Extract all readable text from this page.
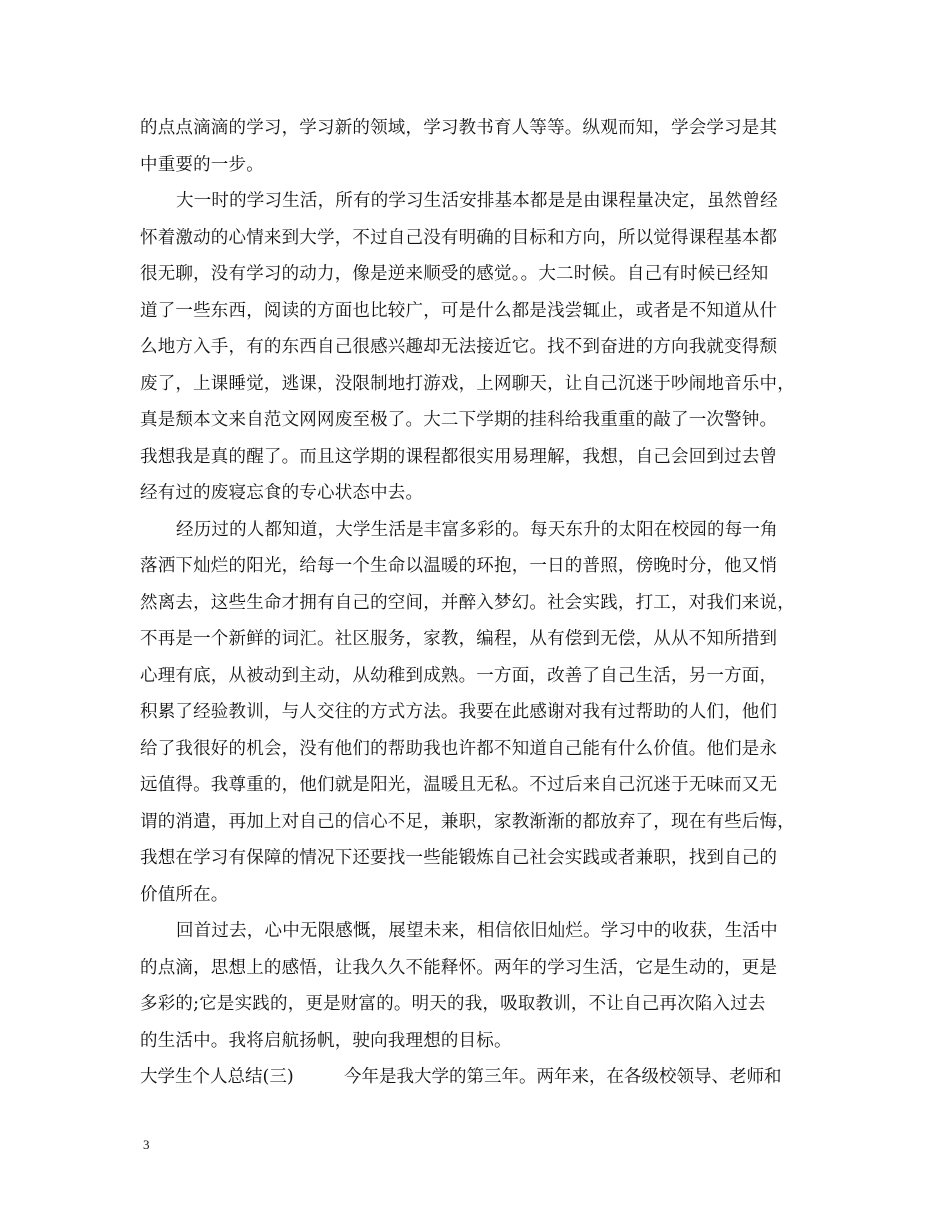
的点点滴滴的学习，学习新的领域，学习教书育人等等。纵观而知，学会学习是其
中重要的一步。
大一时的学习生活，所有的学习生活安排基本都是是由课程量决定，虽然曾经
怀着激动的心情来到大学，不过自己没有明确的目标和方向，所以觉得课程基本都
很无聊，没有学习的动力，像是逆来顺受的感觉。。大二时候。自己有时候已经知
道了一些东西，阅读的方面也比较广，可是什么都是浅尝辄止，或者是不知道从什
么地方入手，有的东西自己很感兴趣却无法接近它。找不到奋进的方向我就变得颓
废了，上课睡觉，逃课，没限制地打游戏，上网聊天，让自己沉迷于吵闹地音乐中，
真是颓本文来自范文网网废至极了。大二下学期的挂科给我重重的敲了一次警钟。
我想我是真的醒了。而且这学期的课程都很实用易理解，我想，自己会回到过去曾
经有过的废寝忘食的专心状态中去。
经历过的人都知道，大学生活是丰富多彩的。每天东升的太阳在校园的每一角
落洒下灿烂的阳光，给每一个生命以温暖的环抱，一日的普照，傍晚时分，他又悄
然离去，这些生命才拥有自己的空间，并醉入梦幻。社会实践，打工，对我们来说，
不再是一个新鲜的词汇。社区服务，家教，编程，从有偿到无偿，从从不知所措到
心理有底，从被动到主动，从幼稚到成熟。一方面，改善了自己生活，另一方面，
积累了经验教训，与人交往的方式方法。我要在此感谢对我有过帮助的人们，他们
给了我很好的机会，没有他们的帮助我也许都不知道自己能有什么价值。他们是永
远值得。我尊重的，他们就是阳光，温暖且无私。不过后来自己沉迷于无味而又无
谓的消遣，再加上对自己的信心不足，兼职，家教渐渐的都放弃了，现在有些后悔，
我想在学习有保障的情况下还要找一些能锻炼自己社会实践或者兼职，找到自己的
价值所在。
回首过去，心中无限感慨，展望未来，相信依旧灿烂。学习中的收获，生活中
的点滴，思想上的感悟，让我久久不能释怀。两年的学习生活，它是生动的，更是
多彩的;它是实践的，更是财富的。明天的我，吸取教训，不让自己再次陷入过去
的生活中。我将启航扬帆，驶向我理想的目标。
大学生个人总结(三)	今年是我大学的第三年。两年来，在各级校领导、老师和
3
